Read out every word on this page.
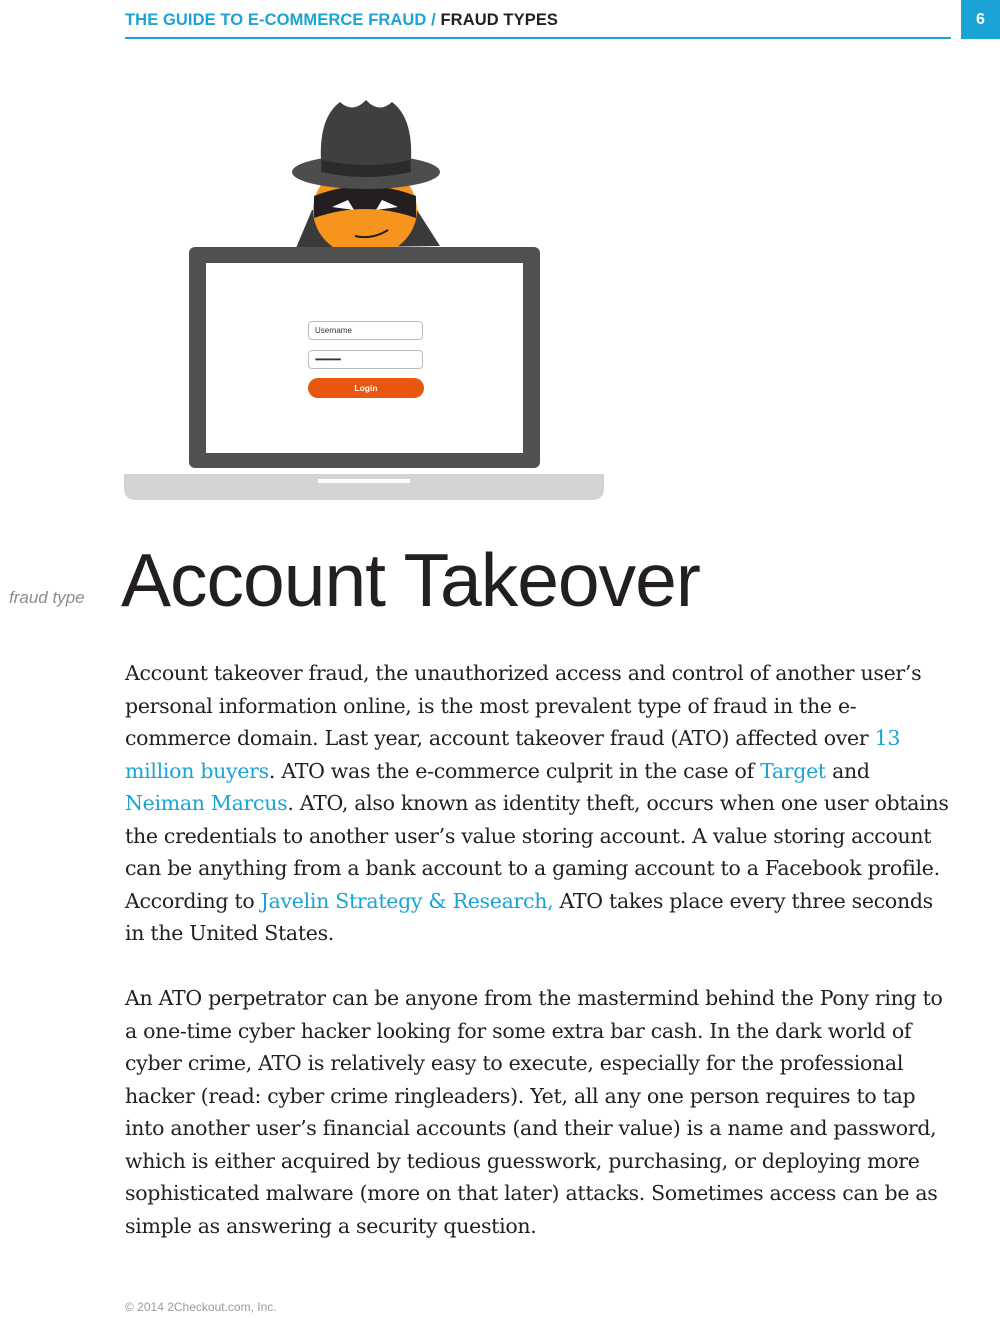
THE GUIDE TO E-COMMERCE FRAUD / FRAUD TYPES	6
Username
••••••••••••••
Login
fraud type Account Takeover

Account takeover fraud, the unauthorized access and control of another user’s personal information online, is the most prevalent type of fraud in the e-commerce domain. Last year, account takeover fraud (ATO) affected over 13 million buyers. ATO was the e-commerce culprit in the case of Target and Neiman Marcus. ATO, also known as identity theft, occurs when one user obtains the credentials to another user’s value storing account. A value storing account can be anything from a bank account to a gaming account to a Facebook profile. According to Javelin Strategy & Research, ATO takes place every three seconds in the United States.

An ATO perpetrator can be anyone from the mastermind behind the Pony ring to a one-time cyber hacker looking for some extra bar cash. In the dark world of cyber crime, ATO is relatively easy to execute, especially for the professional hacker (read: cyber crime ringleaders). Yet, all any one person requires to tap into another user’s financial accounts (and their value) is a name and password, which is either acquired by tedious guesswork, purchasing, or deploying more sophisticated malware (more on that later) attacks. Sometimes access can be as simple as answering a security question.

© 2014 2Checkout.com, Inc.
